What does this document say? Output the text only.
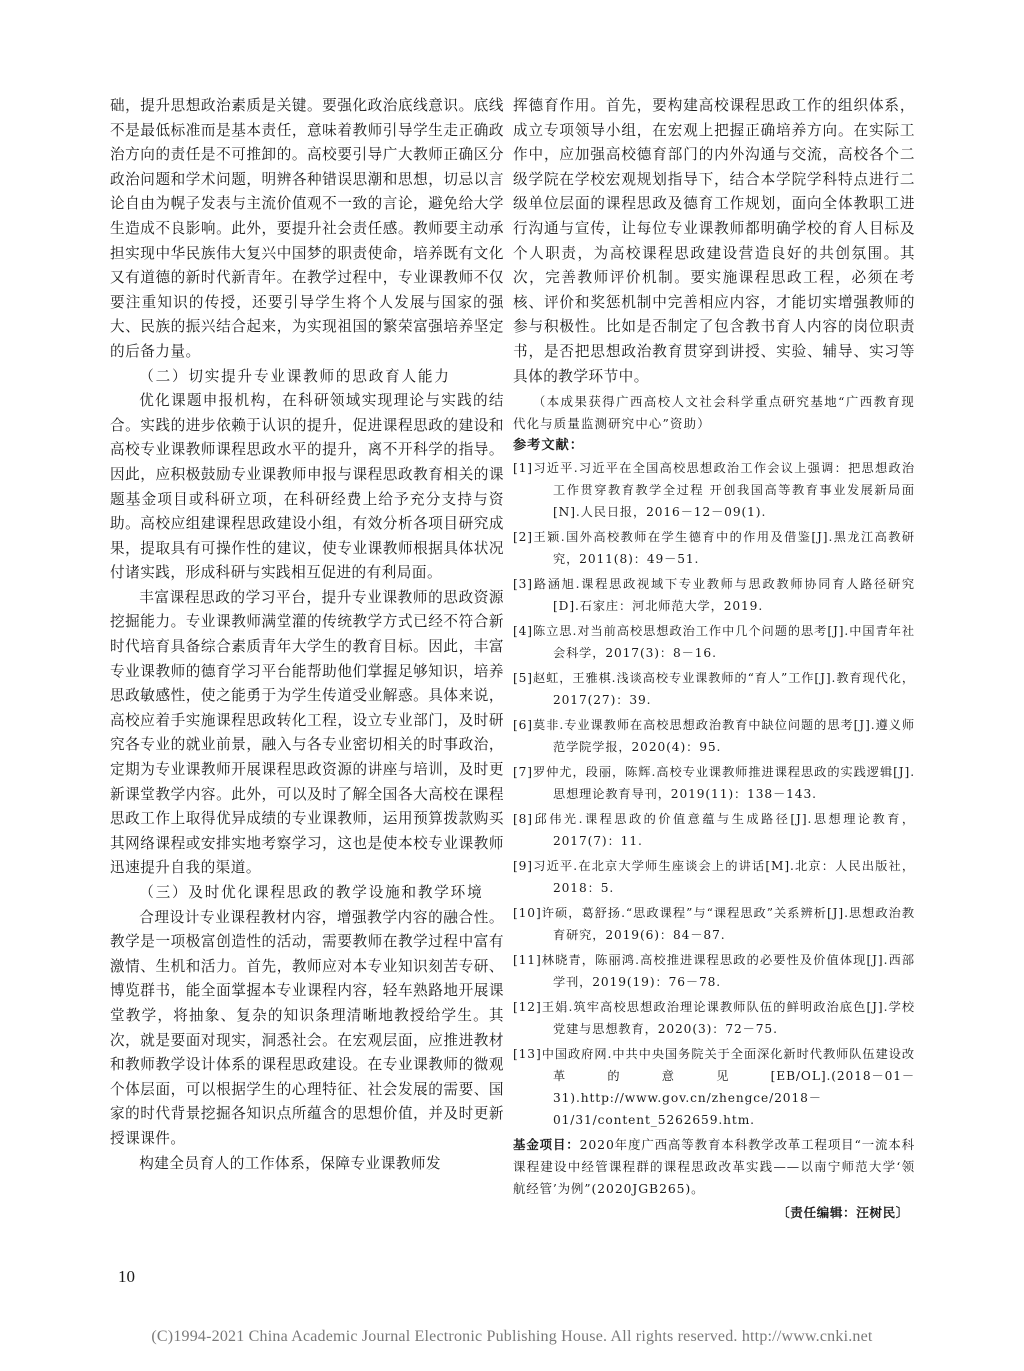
础，提升思想政治素质是关键。要强化政治底线意识。底线不是最低标准而是基本责任，意味着教师引导学生走正确政治方向的责任是不可推卸的。高校要引导广大教师正确区分政治问题和学术问题，明辨各种错误思潮和思想，切忌以言论自由为幌子发表与主流价值观不一致的言论，避免给大学生造成不良影响。此外，要提升社会责任感。教师要主动承担实现中华民族伟大复兴中国梦的职责使命，培养既有文化又有道德的新时代新青年。在教学过程中，专业课教师不仅要注重知识的传授，还要引导学生将个人发展与国家的强大、民族的振兴结合起来，为实现祖国的繁荣富强培养坚定的后备力量。

（二）切实提升专业课教师的思政育人能力

优化课题申报机构，在科研领域实现理论与实践的结合。实践的进步依赖于认识的提升，促进课程思政的建设和高校专业课教师课程思政水平的提升，离不开科学的指导。因此，应积极鼓励专业课教师申报与课程思政教育相关的课题基金项目或科研立项，在科研经费上给予充分支持与资助。高校应组建课程思政建设小组，有效分析各项目研究成果，提取具有可操作性的建议，使专业课教师根据具体状况付诸实践，形成科研与实践相互促进的有利局面。

丰富课程思政的学习平台，提升专业课教师的思政资源挖掘能力。专业课教师满堂灌的传统教学方式已经不符合新时代培育具备综合素质青年大学生的教育目标。因此，丰富专业课教师的德育学习平台能帮助他们掌握足够知识，培养思政敏感性，使之能勇于为学生传道受业解惑。具体来说，高校应着手实施课程思政转化工程，设立专业部门，及时研究各专业的就业前景，融入与各专业密切相关的时事政治，定期为专业课教师开展课程思政资源的讲座与培训，及时更新课堂教学内容。此外，可以及时了解全国各大高校在课程思政工作上取得优异成绩的专业课教师，运用预算拨款购买其网络课程或安排实地考察学习，这也是使本校专业课教师迅速提升自我的渠道。

（三）及时优化课程思政的教学设施和教学环境

合理设计专业课程教材内容，增强教学内容的融合性。教学是一项极富创造性的活动，需要教师在教学过程中富有激情、生机和活力。首先，教师应对本专业知识刻苦专研、博览群书，能全面掌握本专业课程内容，轻车熟路地开展课堂教学，将抽象、复杂的知识条理清晰地教授给学生。其次，就是要面对现实，洞悉社会。在宏观层面，应推进教材和教师教学设计体系的课程思政建设。在专业课教师的微观个体层面，可以根据学生的心理特征、社会发展的需要、国家的时代背景挖掘各知识点所蕴含的思想价值，并及时更新授课课件。

构建全员育人的工作体系，保障专业课教师发

挥德育作用。首先，要构建高校课程思政工作的组织体系，成立专项领导小组，在宏观上把握正确培养方向。在实际工作中，应加强高校德育部门的内外沟通与交流，高校各个二级学院在学校宏观规划指导下，结合本学院学科特点进行二级单位层面的课程思政及德育工作规划，面向全体教职工进行沟通与宣传，让每位专业课教师都明确学校的育人目标及个人职责，为高校课程思政建设营造良好的共创氛围。其次，完善教师评价机制。要实施课程思政工程，必须在考核、评价和奖惩机制中完善相应内容，才能切实增强教师的参与积极性。比如是否制定了包含教书育人内容的岗位职责书，是否把思想政治教育贯穿到讲授、实验、辅导、实习等具体的教学环节中。

（本成果获得广西高校人文社会科学重点研究基地“广西教育现代化与质量监测研究中心”资助）

参考文献：

[1]习近平.习近平在全国高校思想政治工作会议上强调：把思想政治工作贯穿教育教学全过程 开创我国高等教育事业发展新局面[N].人民日报，2016－12－09(1).

[2]王颖.国外高校教师在学生德育中的作用及借鉴[J].黑龙江高教研究，2011(8)：49－51.

[3]路涵旭.课程思政视域下专业教师与思政教师协同育人路径研究[D].石家庄：河北师范大学，2019.

[4]陈立思.对当前高校思想政治工作中几个问题的思考[J].中国青年社会科学，2017(3)：8－16.

[5]赵虹，王雅棋.浅谈高校专业课教师的“育人”工作[J].教育现代化，2017(27)：39.

[6]莫非.专业课教师在高校思想政治教育中缺位问题的思考[J].遵义师范学院学报，2020(4)：95.

[7]罗仲尤，段丽，陈辉.高校专业课教师推进课程思政的实践逻辑[J].思想理论教育导刊，2019(11)：138－143.

[8]邱伟光.课程思政的价值意蕴与生成路径[J].思想理论教育，2017(7)：11.

[9]习近平.在北京大学师生座谈会上的讲话[M].北京：人民出版社，2018：5.

[10]许硕，葛舒扬.“思政课程”与“课程思政”关系辨析[J].思想政治教育研究，2019(6)：84－87.

[11]林晓青，陈丽鸿.高校推进课程思政的必要性及价值体现[J].西部学刊，2019(19)：76－78.

[12]王娟.筑牢高校思想政治理论课教师队伍的鲜明政治底色[J].学校党建与思想教育，2020(3)：72－75.

[13]中国政府网.中共中央国务院关于全面深化新时代教师队伍建设改革的意见[EB/OL].(2018－01－31).http://www.gov.cn/zhengce/2018－01/31/content_5262659.htm.

基金项目：2020年度广西高等教育本科教学改革工程项目“一流本科课程建设中经管课程群的课程思政改革实践——以南宁师范大学‘领航经管’为例”(2020JGB265)。

〔责任编辑：汪树民〕

10
(C)1994-2021 China Academic Journal Electronic Publishing House. All rights reserved. http://www.cnki.net
